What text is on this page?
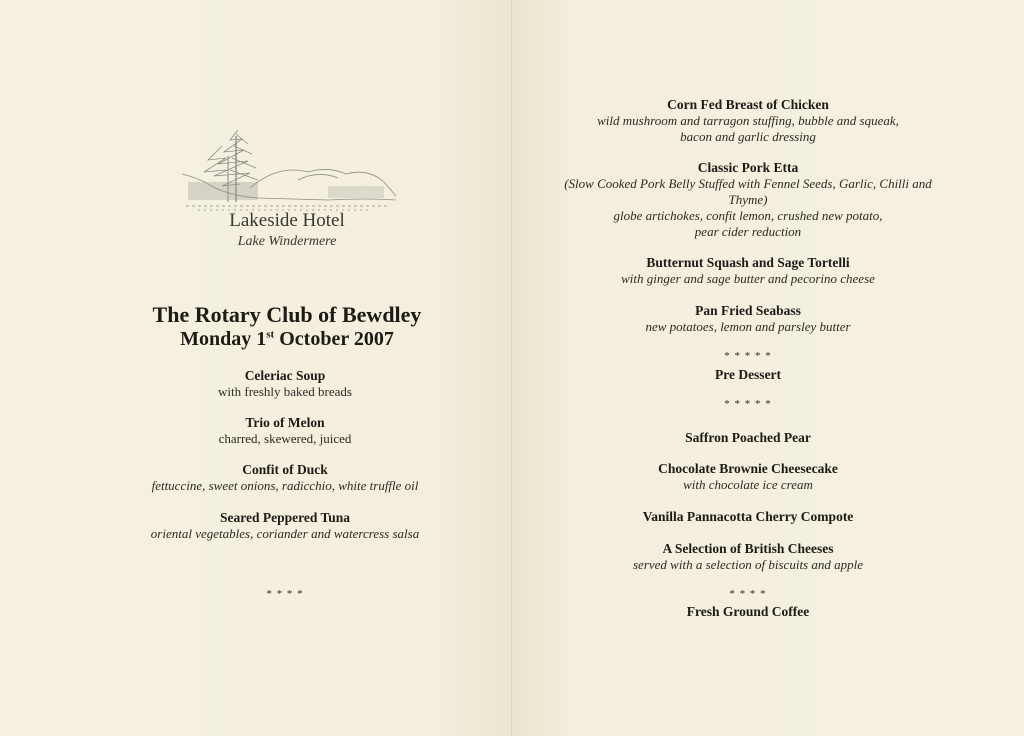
Lakeside Hotel
Lake Windermere
The Rotary Club of Bewdley
Monday 1st October 2007
Celeriac Soup
with freshly baked breads
Trio of Melon
charred, skewered, juiced
Confit of Duck
fettuccine, sweet onions, radicchio, white truffle oil
Seared Peppered Tuna
oriental vegetables, coriander and watercress salsa
* * * *
Corn Fed Breast of Chicken
wild mushroom and tarragon stuffing, bubble and squeak,
bacon and garlic dressing
Classic Pork Etta
(Slow Cooked Pork Belly Stuffed with Fennel Seeds, Garlic, Chilli and
Thyme)
globe artichokes, confit lemon, crushed new potato,
pear cider reduction
Butternut Squash and Sage Tortelli
with ginger and sage butter and pecorino cheese
Pan Fried Seabass
new potatoes, lemon and parsley butter
* * * * *
Pre Dessert
* * * * *
Saffron Poached Pear
Chocolate Brownie Cheesecake
with chocolate ice cream
Vanilla Pannacotta Cherry Compote
A Selection of British Cheeses
served with a selection of biscuits and apple
* * * *
Fresh Ground Coffee
